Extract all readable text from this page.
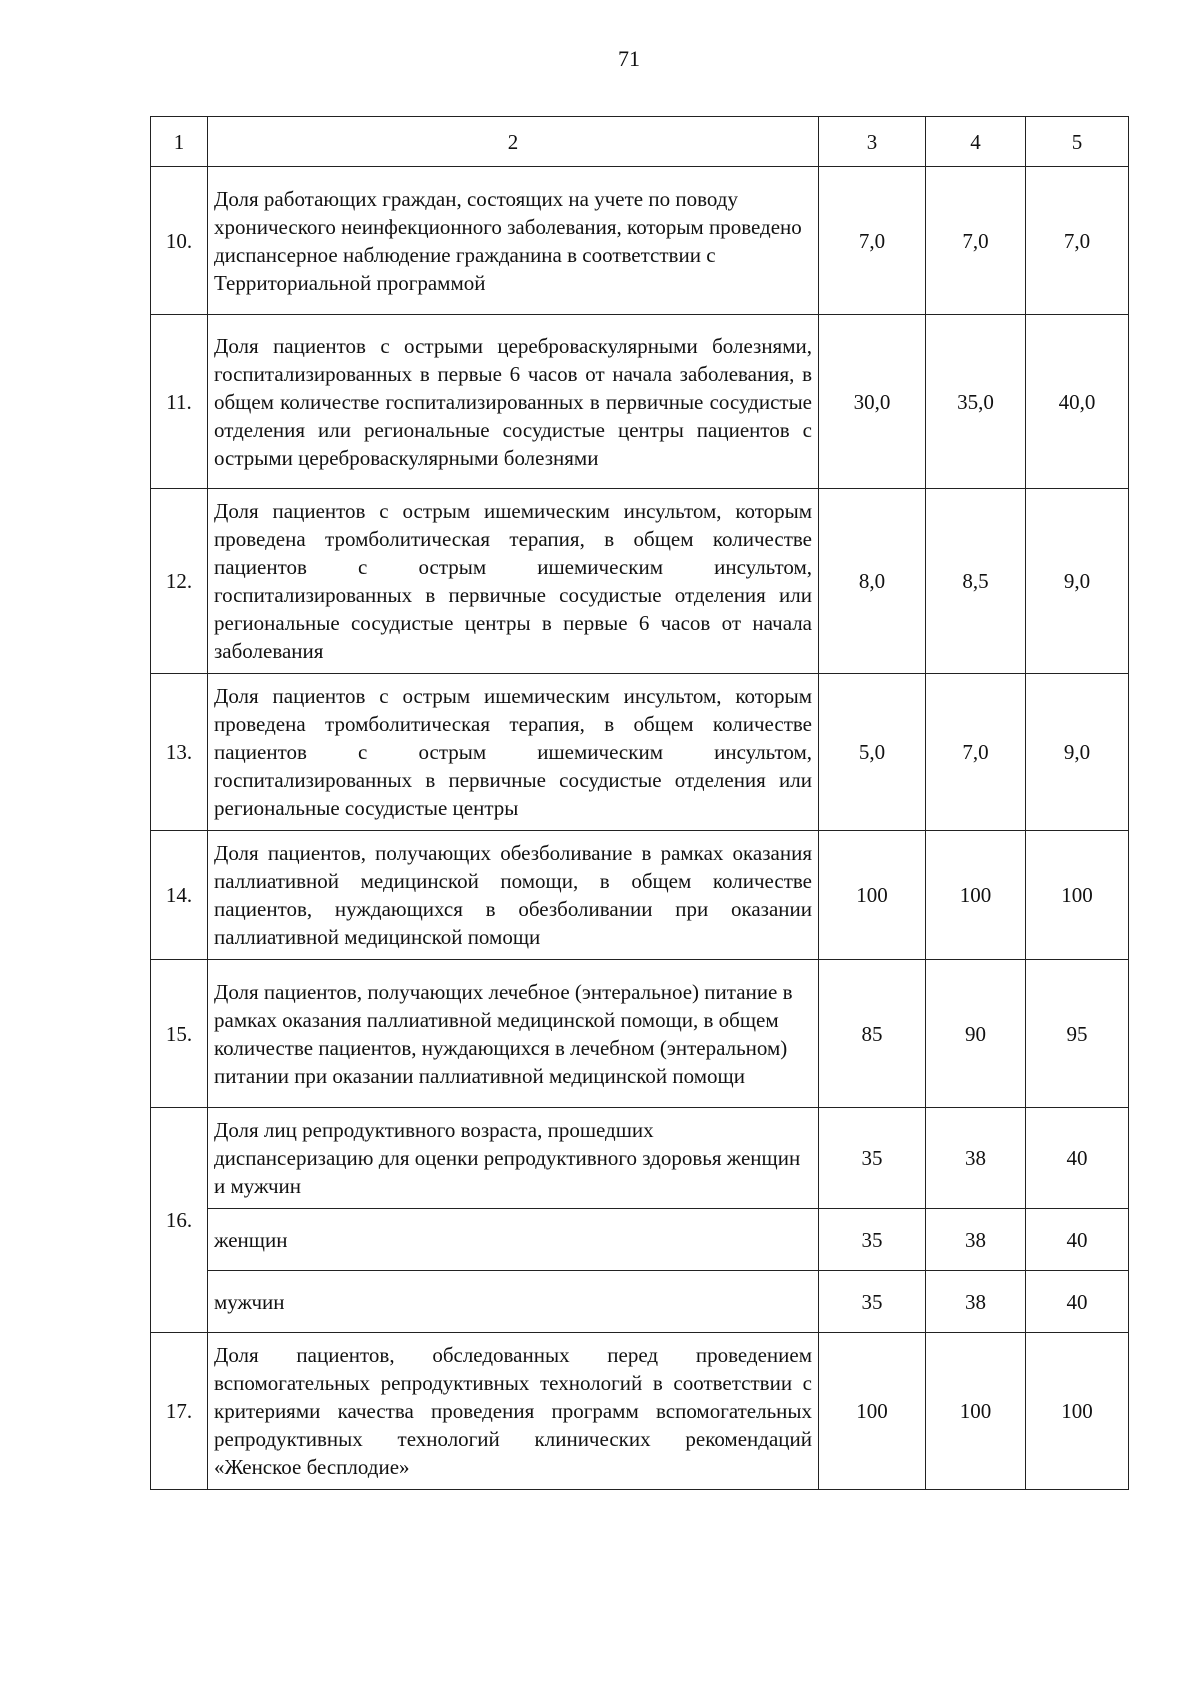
71
1	2	3	4	5
10.	Доля работающих граждан, состоящих на учете по поводу хронического неинфекционного заболевания, которым проведено диспансерное наблюдение гражданина в соответствии с Территориальной программой	7,0	7,0	7,0
11.	Доля пациентов с острыми цереброваскулярными болезнями, госпитализированных в первые 6 часов от начала заболевания, в общем количестве госпитализированных в первичные сосудистые отделения или региональные сосудистые центры пациентов с острыми цереброваскулярными болезнями	30,0	35,0	40,0
12.	Доля пациентов с острым ишемическим инсультом, которым проведена тромболитическая терапия, в общем количестве пациентов с острым ишемическим инсультом, госпитализированных в первичные сосудистые отделения или региональные сосудистые центры в первые 6 часов от начала заболевания	8,0	8,5	9,0
13.	Доля пациентов с острым ишемическим инсультом, которым проведена тромболитическая терапия, в общем количестве пациентов с острым ишемическим инсультом, госпитализированных в первичные сосудистые отделения или региональные сосудистые центры	5,0	7,0	9,0
14.	Доля пациентов, получающих обезболивание в рамках оказания паллиативной медицинской помощи, в общем количестве пациентов, нуждающихся в обезболивании при оказании паллиативной медицинской помощи	100	100	100
15.	Доля пациентов, получающих лечебное (энтеральное) питание в рамках оказания паллиативной медицинской помощи, в общем количестве пациентов, нуждающихся в лечебном (энтеральном) питании при оказании паллиативной медицинской помощи	85	90	95
16.	Доля лиц репродуктивного возраста, прошедших диспансеризацию для оценки репродуктивного здоровья женщин и мужчин	35	38	40
	женщин	35	38	40
	мужчин	35	38	40
17.	Доля пациентов, обследованных перед проведением вспомогательных репродуктивных технологий в соответствии с критериями качества проведения программ вспомогательных репродуктивных технологий клинических рекомендаций «Женское бесплодие»	100	100	100
